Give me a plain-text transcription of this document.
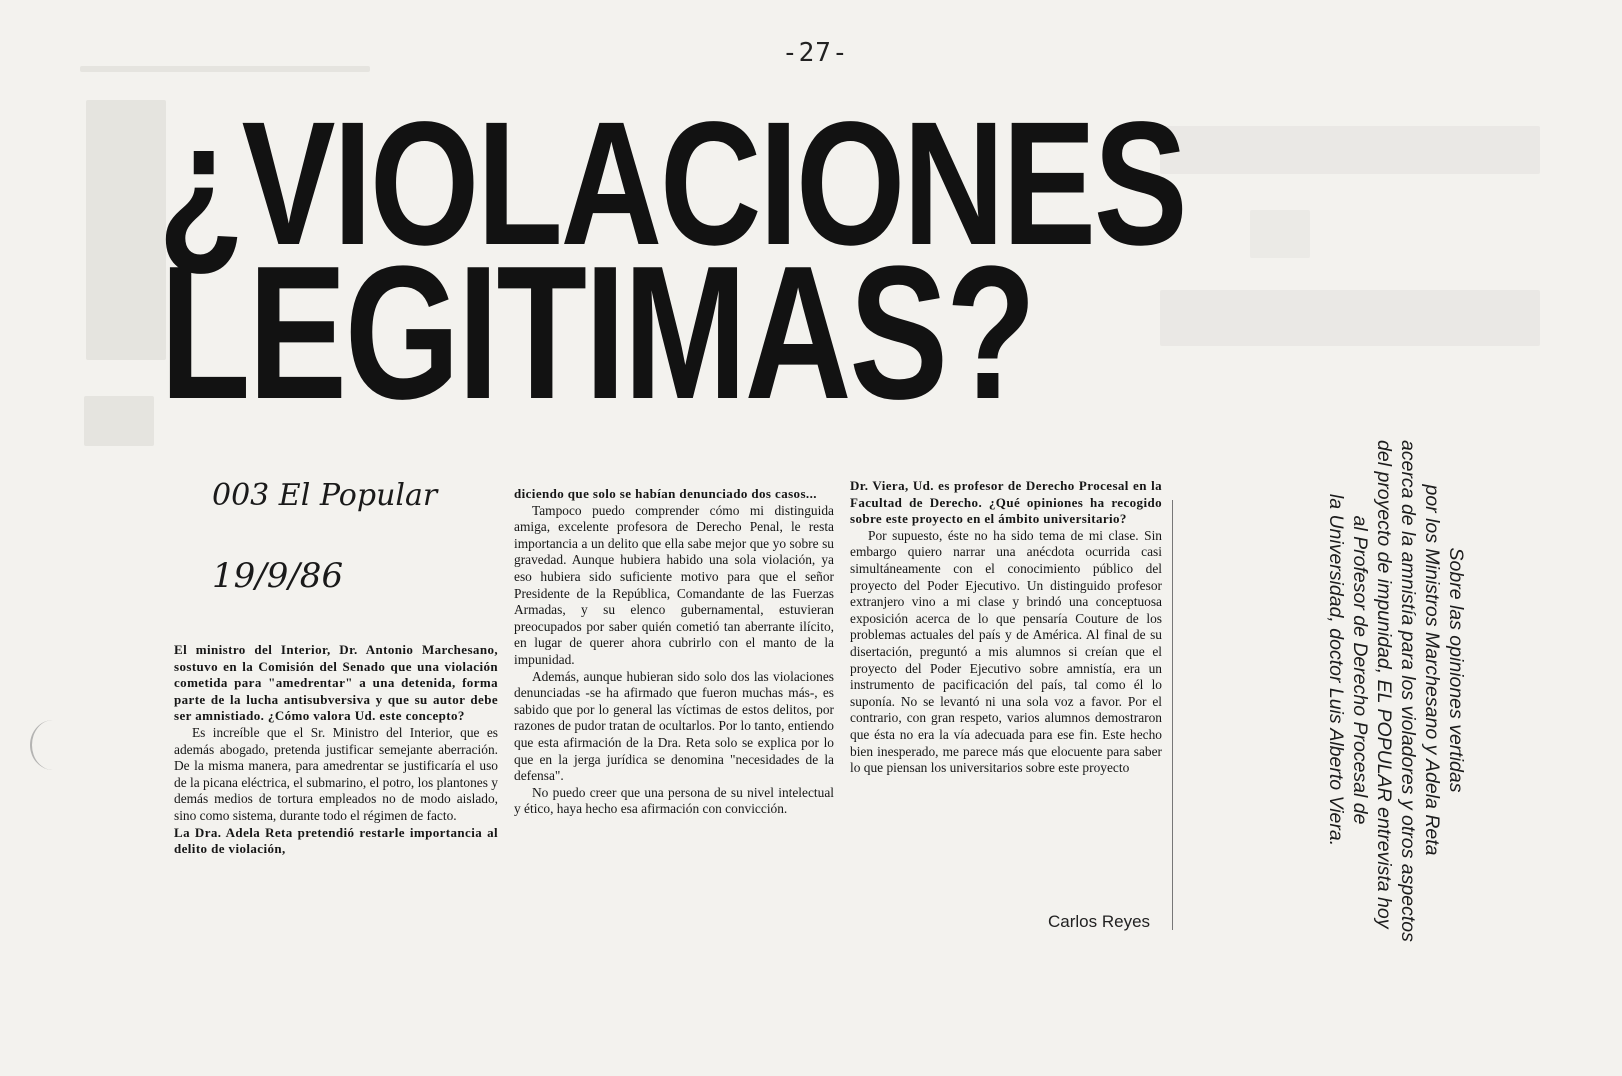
-27-
¿VIOLACIONES
LEGITIMAS?
003 El Popular
19/9/86

El ministro del Interior, Dr. Antonio Marchesano, sostuvo en la Comisión del Senado que una violación cometida para "amedrentar" a una detenida, forma parte de la lucha antisubversiva y que su autor debe ser amnistiado. ¿Cómo valora Ud. este concepto?

Es increíble que el Sr. Ministro del Interior, que es además abogado, pretenda justificar semejante aberración. De la misma manera, para amedrentar se justificaría el uso de la picana eléctrica, el submarino, el potro, los plantones y demás medios de tortura empleados no de modo aislado, sino como sistema, durante todo el régimen de facto.

La Dra. Adela Reta pretendió restarle importancia al delito de violación,

diciendo que solo se habían denunciado dos casos...

Tampoco puedo comprender cómo mi distinguida amiga, excelente profesora de Derecho Penal, le resta importancia a un delito que ella sabe mejor que yo sobre su gravedad. Aunque hubiera habido una sola violación, ya eso hubiera sido suficiente motivo para que el señor Presidente de la República, Comandante de las Fuerzas Armadas, y su elenco gubernamental, estuvieran preocupados por saber quién cometió tan aberrante ilícito, en lugar de querer ahora cubrirlo con el manto de la impunidad.

Además, aunque hubieran sido solo dos las violaciones denunciadas -se ha afirmado que fueron muchas más-, es sabido que por lo general las víctimas de estos delitos, por razones de pudor tratan de ocultarlos. Por lo tanto, entiendo que esta afirmación de la Dra. Reta solo se explica por lo que en la jerga jurídica se denomina "necesidades de la defensa".

No puedo creer que una persona de su nivel intelectual y ético, haya hecho esa afirmación con convicción.

Dr. Viera, Ud. es profesor de Derecho Procesal en la Facultad de Derecho. ¿Qué opiniones ha recogido sobre este proyecto en el ámbito universitario?

Por supuesto, éste no ha sido tema de mi clase. Sin embargo quiero narrar una anécdota ocurrida casi simultáneamente con el conocimiento público del proyecto del Poder Ejecutivo. Un distinguido profesor extranjero vino a mi clase y brindó una conceptuosa exposición acerca de lo que pensaría Couture de los problemas actuales del país y de América. Al final de su disertación, preguntó a mis alumnos si creían que el proyecto del Poder Ejecutivo sobre amnistía, era un instrumento de pacificación del país, tal como él lo suponía. No se levantó ni una sola voz a favor. Por el contrario, con gran respeto, varios alumnos demostraron que ésta no era la vía adecuada para ese fin. Este hecho bien inesperado, me parece más que elocuente para saber lo que piensan los universitarios sobre este proyecto

Carlos Reyes
Sobre las opiniones vertidas
por los Ministros Marchesano y Adela Reta
acerca de la amnistía para los violadores y otros aspectos
del proyecto de impunidad, EL POPULAR entrevista hoy
al Profesor de Derecho Procesal de
la Universidad, doctor Luis Alberto Viera.
